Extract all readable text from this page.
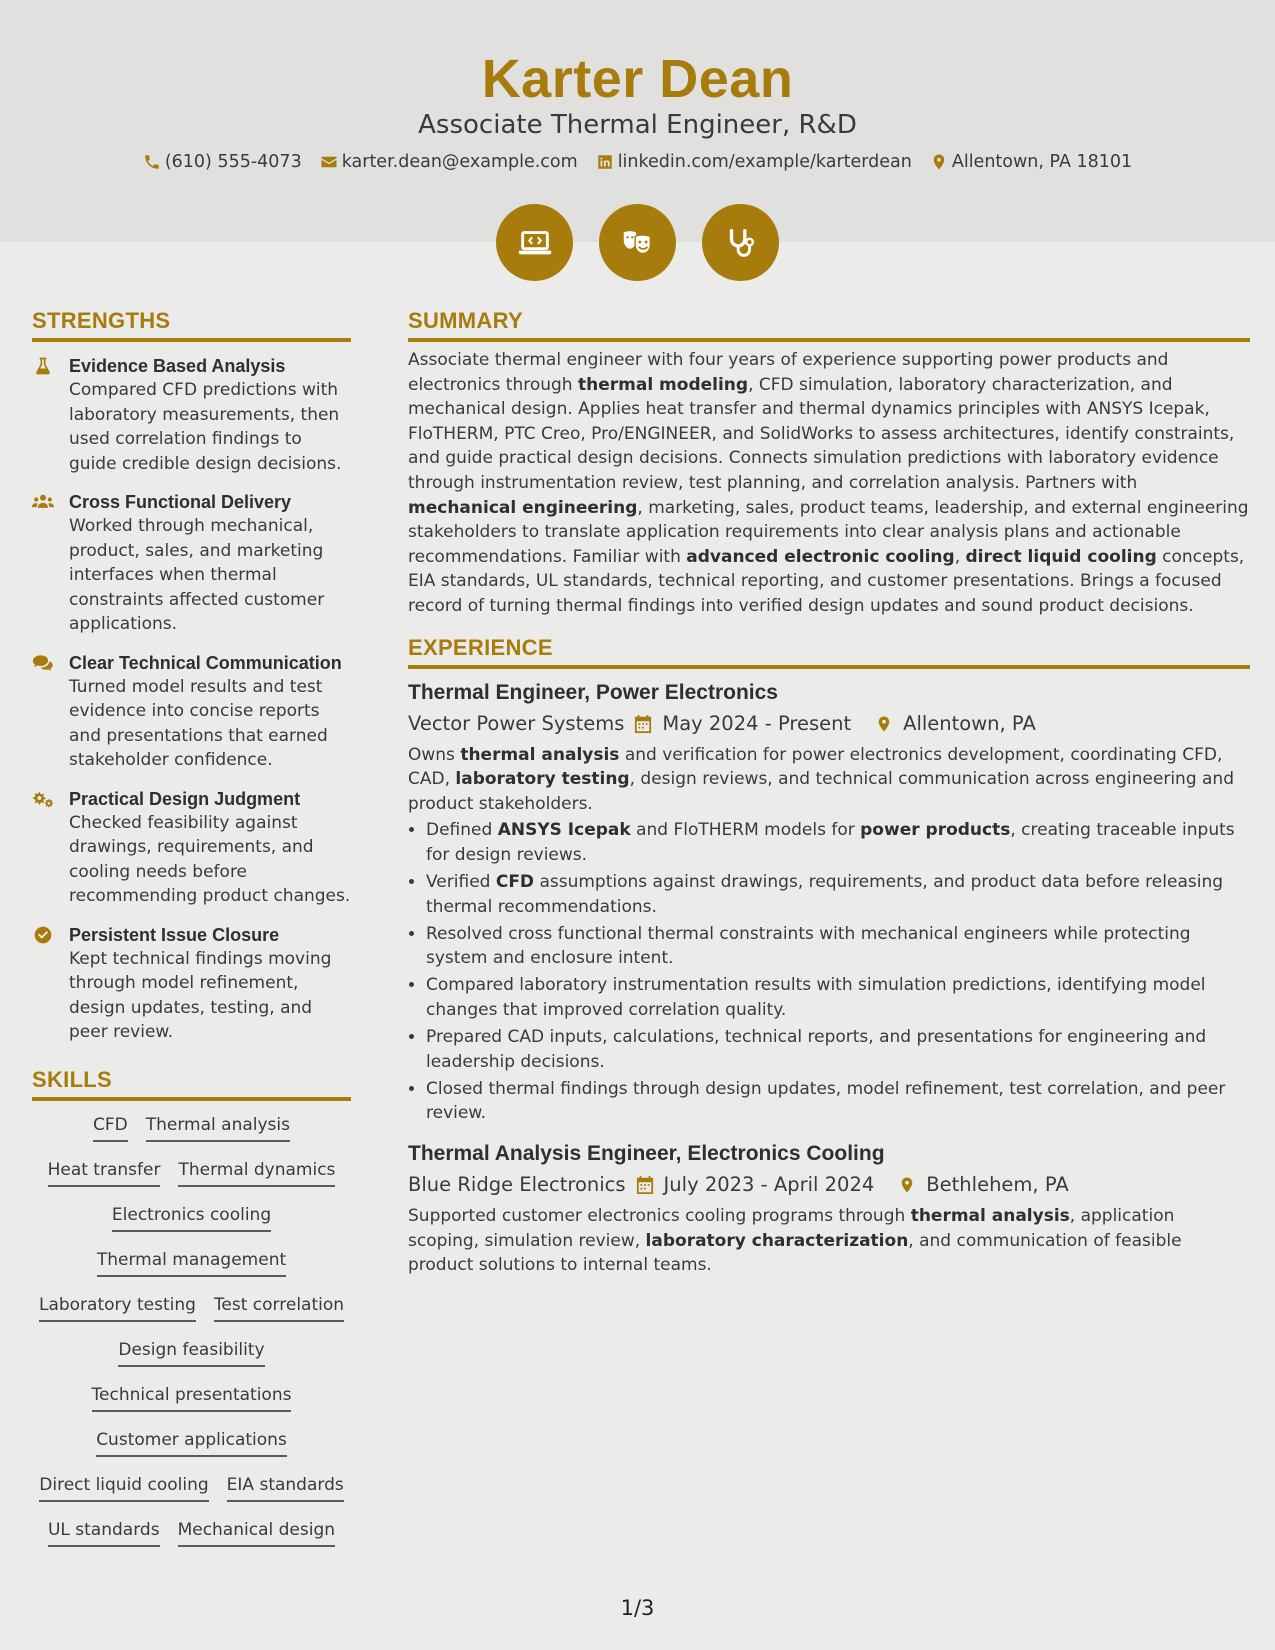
Karter Dean
Associate Thermal Engineer, R&D
(610) 555-4073 karter.dean@example.com linkedin.com/example/karterdean Allentown, PA 18101
STRENGTHS
Evidence Based Analysis
Compared CFD predictions with laboratory measurements, then used correlation findings to guide credible design decisions.
Cross Functional Delivery
Worked through mechanical, product, sales, and marketing interfaces when thermal constraints affected customer applications.
Clear Technical Communication
Turned model results and test evidence into concise reports and presentations that earned stakeholder confidence.
Practical Design Judgment
Checked feasibility against drawings, requirements, and cooling needs before recommending product changes.
Persistent Issue Closure
Kept technical findings moving through model refinement, design updates, testing, and peer review.
SKILLS
CFD Thermal analysis
Heat transfer Thermal dynamics
Electronics cooling
Thermal management
Laboratory testing Test correlation
Design feasibility
Technical presentations
Customer applications
Direct liquid cooling EIA standards
UL standards Mechanical design
SUMMARY
Associate thermal engineer with four years of experience supporting power products and electronics through thermal modeling, CFD simulation, laboratory characterization, and mechanical design. Applies heat transfer and thermal dynamics principles with ANSYS Icepak, FloTHERM, PTC Creo, Pro/ENGINEER, and SolidWorks to assess architectures, identify constraints, and guide practical design decisions. Connects simulation predictions with laboratory evidence through instrumentation review, test planning, and correlation analysis. Partners with mechanical engineering, marketing, sales, product teams, leadership, and external engineering stakeholders to translate application requirements into clear analysis plans and actionable recommendations. Familiar with advanced electronic cooling, direct liquid cooling concepts, EIA standards, UL standards, technical reporting, and customer presentations. Brings a focused record of turning thermal findings into verified design updates and sound product decisions.
EXPERIENCE
Thermal Engineer, Power Electronics
Vector Power Systems May 2024 - Present	Allentown, PA
Owns thermal analysis and verification for power electronics development, coordinating CFD, CAD, laboratory testing, design reviews, and technical communication across engineering and product stakeholders.
• Defined ANSYS Icepak and FloTHERM models for power products, creating traceable inputs for design reviews.
• Verified CFD assumptions against drawings, requirements, and product data before releasing thermal recommendations.
• Resolved cross functional thermal constraints with mechanical engineers while protecting system and enclosure intent.
• Compared laboratory instrumentation results with simulation predictions, identifying model changes that improved correlation quality.
• Prepared CAD inputs, calculations, technical reports, and presentations for engineering and leadership decisions.
• Closed thermal findings through design updates, model refinement, test correlation, and peer review.
Thermal Analysis Engineer, Electronics Cooling
Blue Ridge Electronics July 2023 - April 2024	Bethlehem, PA
Supported customer electronics cooling programs through thermal analysis, application scoping, simulation review, laboratory characterization, and communication of feasible product solutions to internal teams.
1/3
